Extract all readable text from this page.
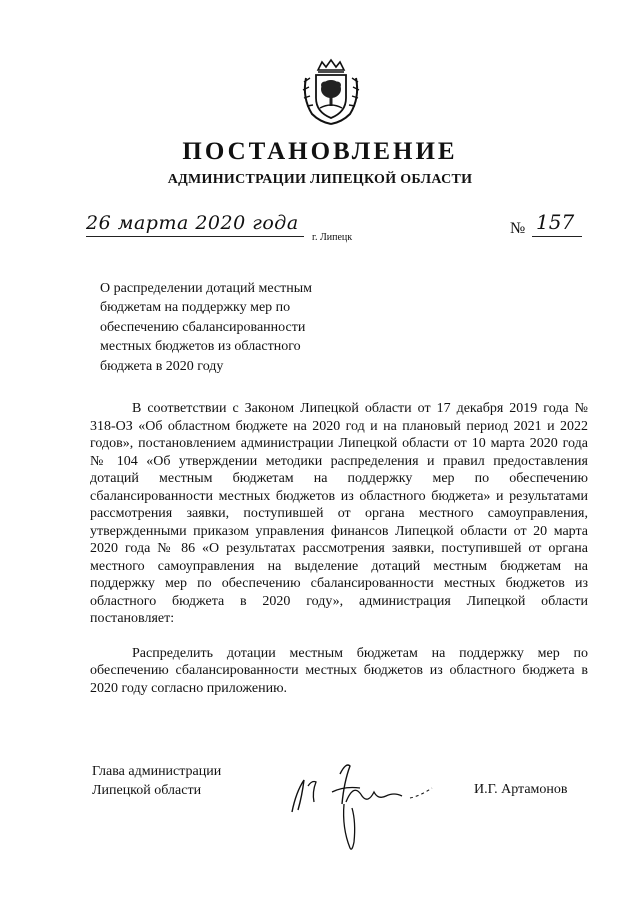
ПОСТАНОВЛЕНИЕ
АДМИНИСТРАЦИИ ЛИПЕЦКОЙ ОБЛАСТИ
26 марта 2020 года
г. Липецк
№ 157
О распределении дотаций местным
бюджетам на поддержку мер по
обеспечению сбалансированности
местных бюджетов из областного
бюджета в 2020 году

В соответствии с Законом Липецкой области от 17 декабря 2019 года № 318-ОЗ «Об областном бюджете на 2020 год и на плановый период 2021 и 2022 годов», постановлением администрации Липецкой области от 10 марта 2020 года № 104 «Об утверждении методики распределения и правил предоставления дотаций местным бюджетам на поддержку мер по обеспечению сбалансированности местных бюджетов из областного бюджета» и результатами рассмотрения заявки, поступившей от органа местного самоуправления, утвержденными приказом управления финансов Липецкой области от 20 марта 2020 года № 86 «О результатах рассмотрения заявки, поступившей от органа местного самоуправления на выделение дотаций местным бюджетам на поддержку мер по обеспечению сбалансированности местных бюджетов из областного бюджета в 2020 году», администрация Липецкой области постановляет:

Распределить дотации местным бюджетам на поддержку мер по обеспечению сбалансированности местных бюджетов из областного бюджета в 2020 году согласно приложению.

Глава администрации
Липецкой области	И.Г. Артамонов
